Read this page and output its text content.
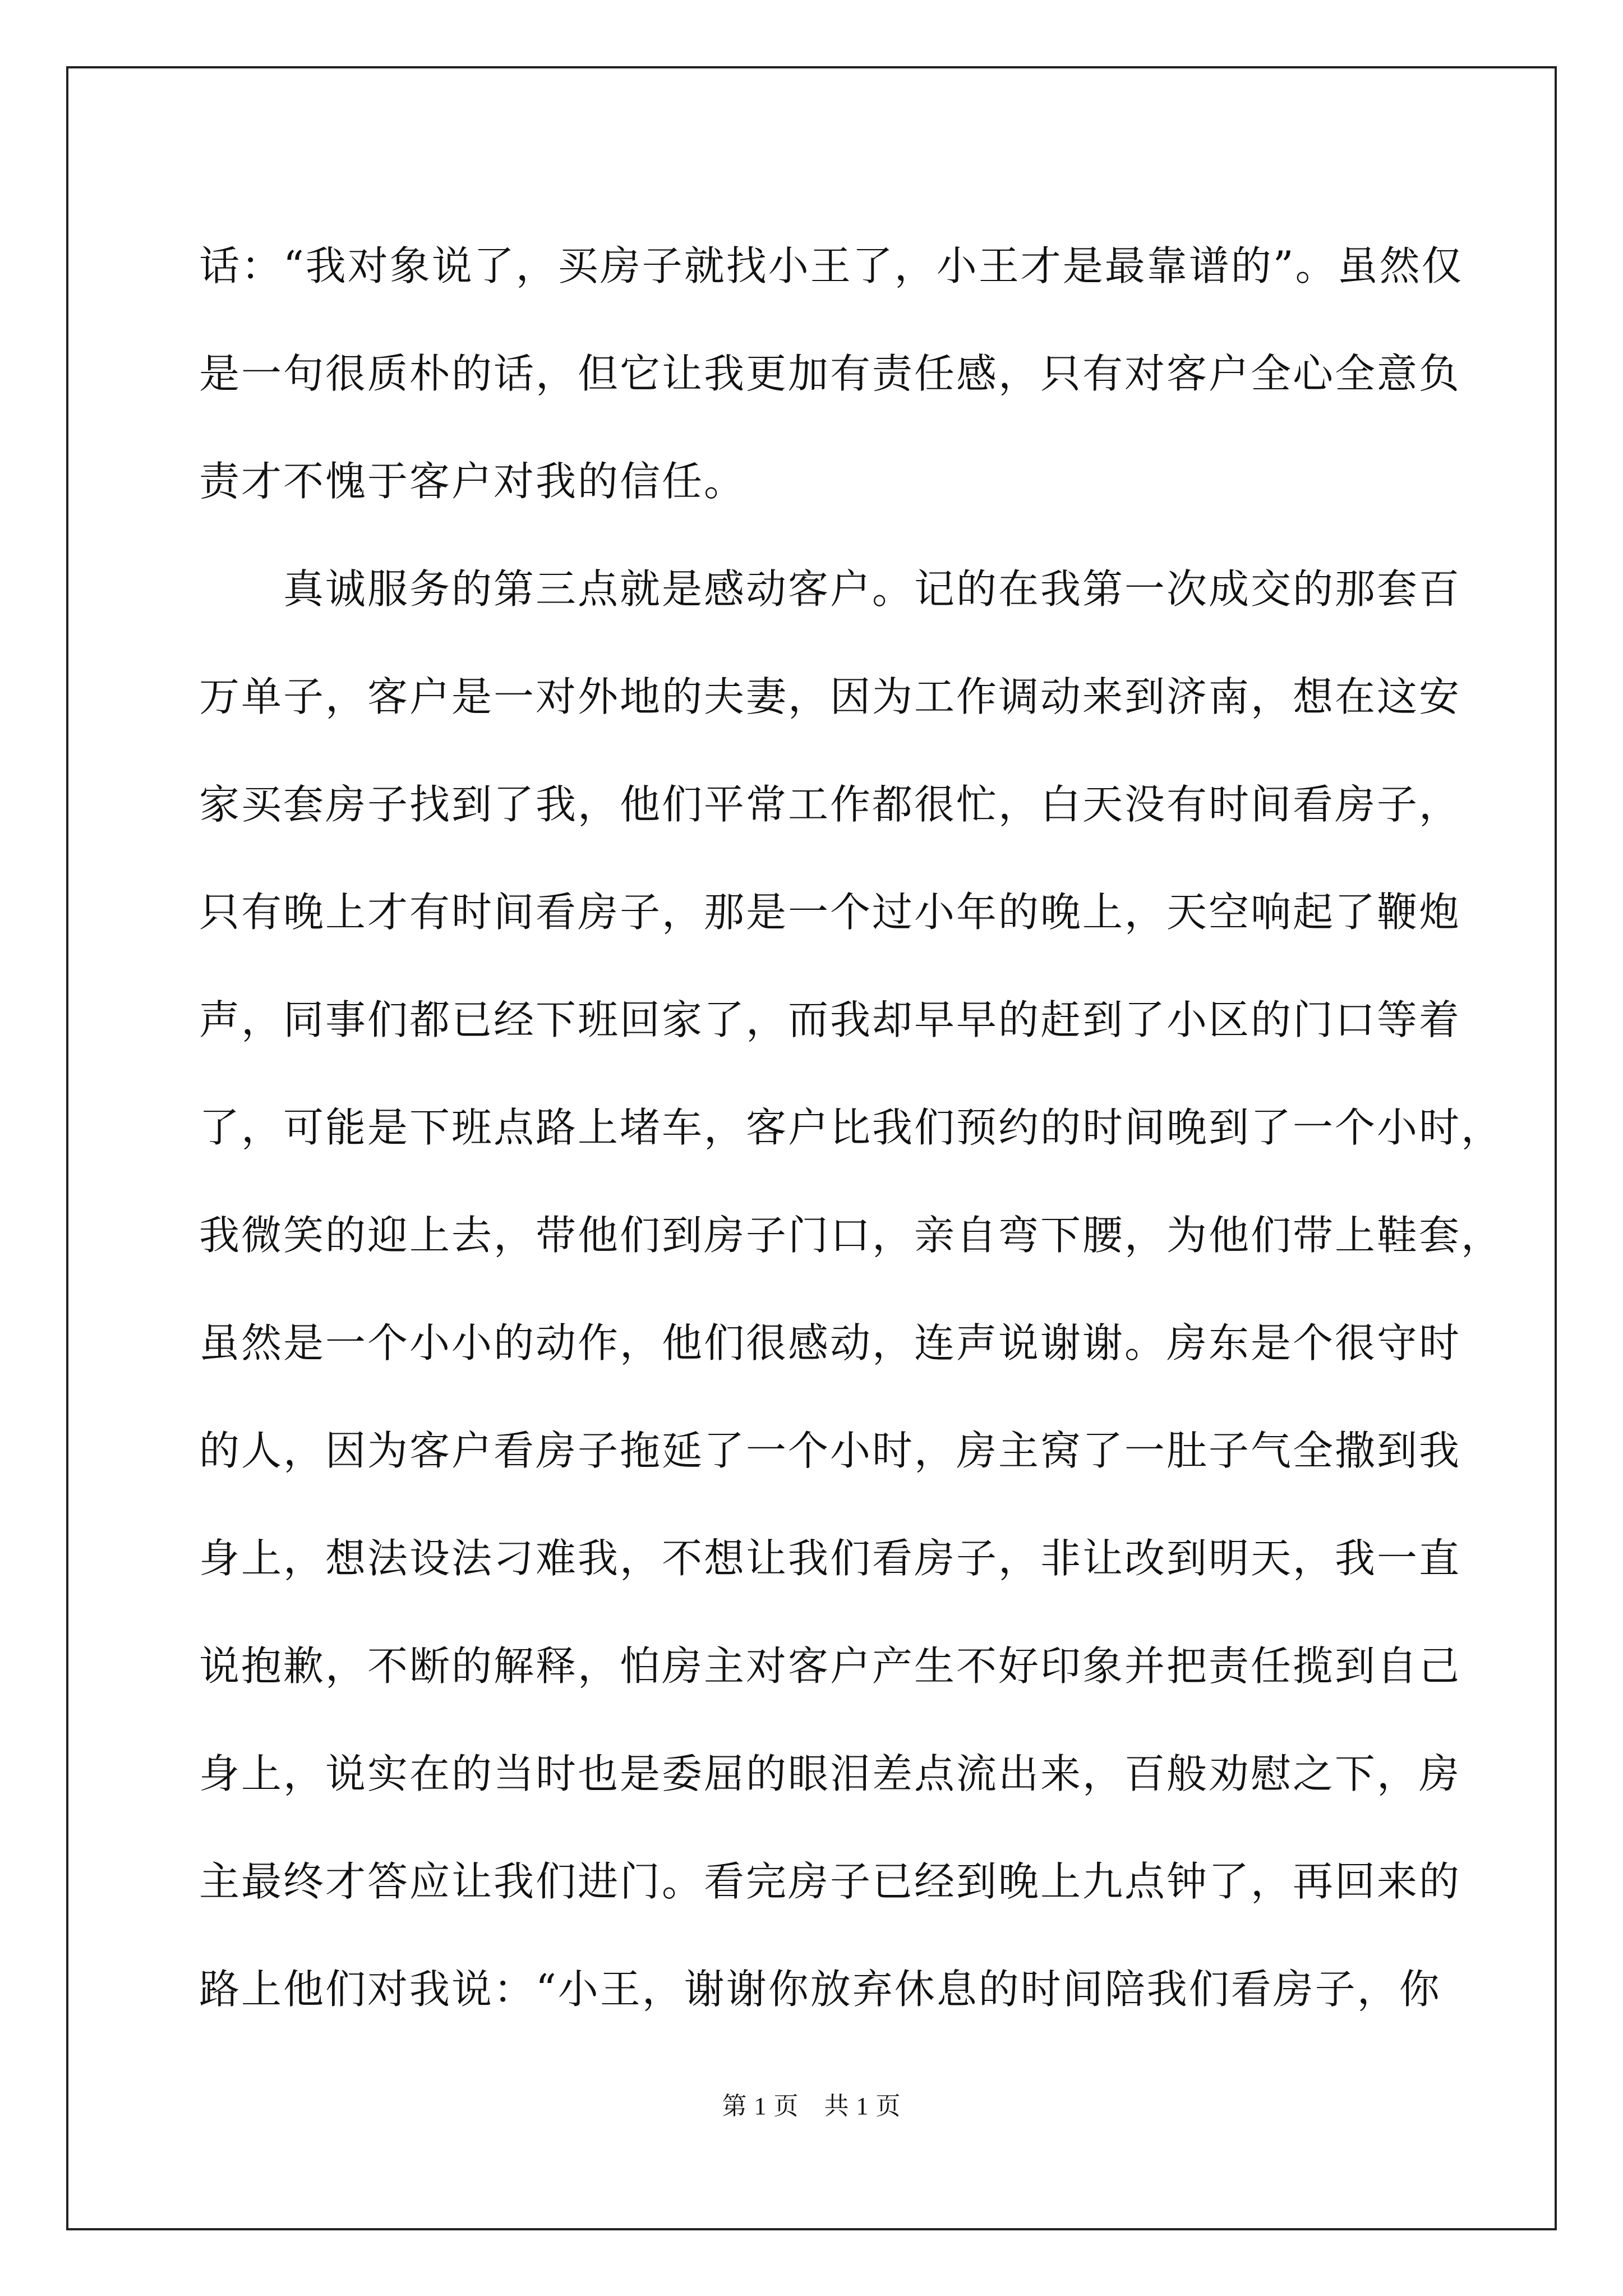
话：“我对象说了，买房子就找小王了，小王才是最靠谱的”。虽然仅
是一句很质朴的话，但它让我更加有责任感，只有对客户全心全意负
责才不愧于客户对我的信任。
　　真诚服务的第三点就是感动客户。记的在我第一次成交的那套百
万单子，客户是一对外地的夫妻，因为工作调动来到济南，想在这安
家买套房子找到了我，他们平常工作都很忙，白天没有时间看房子，
只有晚上才有时间看房子，那是一个过小年的晚上，天空响起了鞭炮
声，同事们都已经下班回家了，而我却早早的赶到了小区的门口等着
了，可能是下班点路上堵车，客户比我们预约的时间晚到了一个小时，
我微笑的迎上去，带他们到房子门口，亲自弯下腰，为他们带上鞋套，
虽然是一个小小的动作，他们很感动，连声说谢谢。房东是个很守时
的人，因为客户看房子拖延了一个小时，房主窝了一肚子气全撒到我
身上，想法设法刁难我，不想让我们看房子，非让改到明天，我一直
说抱歉，不断的解释，怕房主对客户产生不好印象并把责任揽到自己
身上，说实在的当时也是委屈的眼泪差点流出来，百般劝慰之下，房
主最终才答应让我们进门。看完房子已经到晚上九点钟了，再回来的
路上他们对我说：“小王，谢谢你放弃休息的时间陪我们看房子，你
第 1 页　共 1 页
